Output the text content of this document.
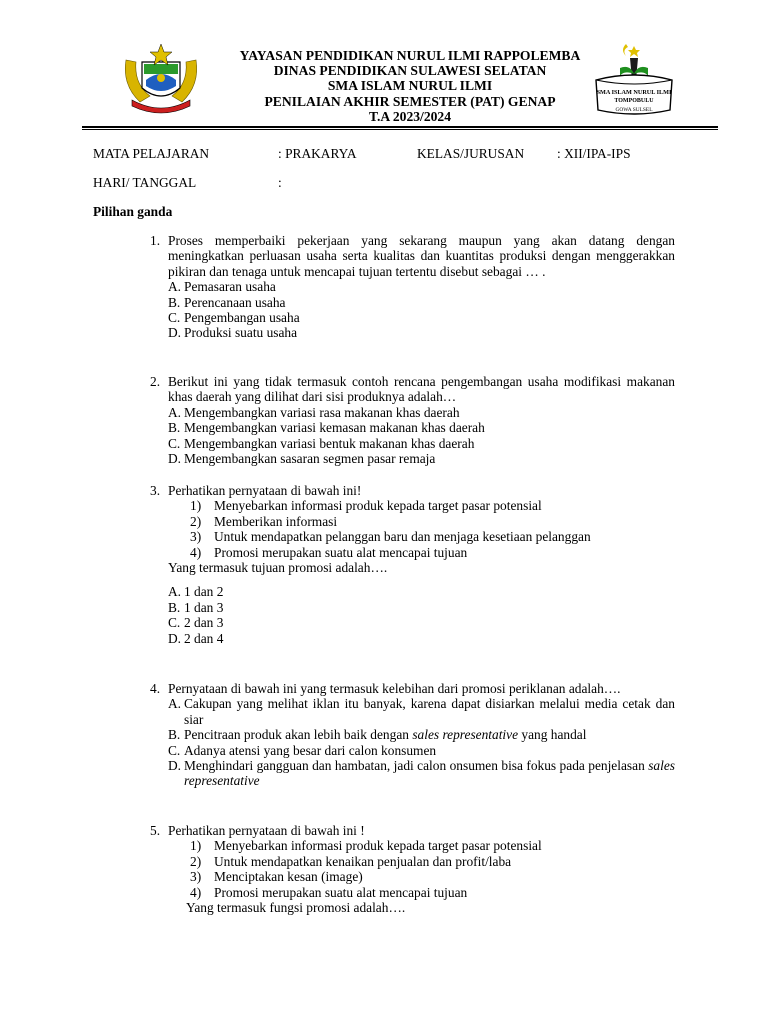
YAYASAN PENDIDIKAN NURUL ILMI RAPPOLEMBA
DINAS PENDIDIKAN SULAWESI SELATAN
SMA ISLAM NURUL ILMI
PENILAIAN AKHIR SEMESTER (PAT) GENAP
T.A 2023/2024
SMA ISLAM NURUL ILMI
TOMPOBULU
GOWA SULSEL
MATA PELAJARAN	: PRAKARYA	KELAS/JURUSAN : XII/IPA-IPS
HARI/ TANGGAL	:
Pilihan ganda
1. Proses memperbaiki pekerjaan yang sekarang maupun yang akan datang dengan meningkatkan perluasan usaha serta kualitas dan kuantitas produksi dengan menggerakkan pikiran dan tenaga untuk mencapai tujuan tertentu disebut sebagai … .
A. Pemasaran usaha
B. Perencanaan usaha
C. Pengembangan usaha
D. Produksi suatu usaha
2. Berikut ini yang tidak termasuk contoh rencana pengembangan usaha modifikasi makanan khas daerah yang dilihat dari sisi produknya adalah…
A. Mengembangkan variasi rasa makanan khas daerah
B. Mengembangkan variasi kemasan makanan khas daerah
C. Mengembangkan variasi bentuk makanan khas daerah
D. Mengembangkan sasaran segmen pasar remaja
3. Perhatikan pernyataan di bawah ini!
1) Menyebarkan informasi produk kepada target pasar potensial
2) Memberikan informasi
3) Untuk mendapatkan pelanggan baru dan menjaga kesetiaan pelanggan
4) Promosi merupakan suatu alat mencapai tujuan
Yang termasuk tujuan promosi adalah….
A. 1 dan 2
B. 1 dan 3
C. 2 dan 3
D. 2 dan 4
4. Pernyataan di bawah ini yang termasuk kelebihan dari promosi periklanan adalah….
A. Cakupan yang melihat iklan itu banyak, karena dapat disiarkan melalui media cetak dan siar
B. Pencitraan produk akan lebih baik dengan sales representative yang handal
C. Adanya atensi yang besar dari calon konsumen
D. Menghindari gangguan dan hambatan, jadi calon onsumen bisa fokus pada penjelasan sales representative
5. Perhatikan pernyataan di bawah ini !
1) Menyebarkan informasi produk kepada target pasar potensial
2) Untuk mendapatkan kenaikan penjualan dan profit/laba
3) Menciptakan kesan (image)
4) Promosi merupakan suatu alat mencapai tujuan
Yang termasuk fungsi promosi adalah….
